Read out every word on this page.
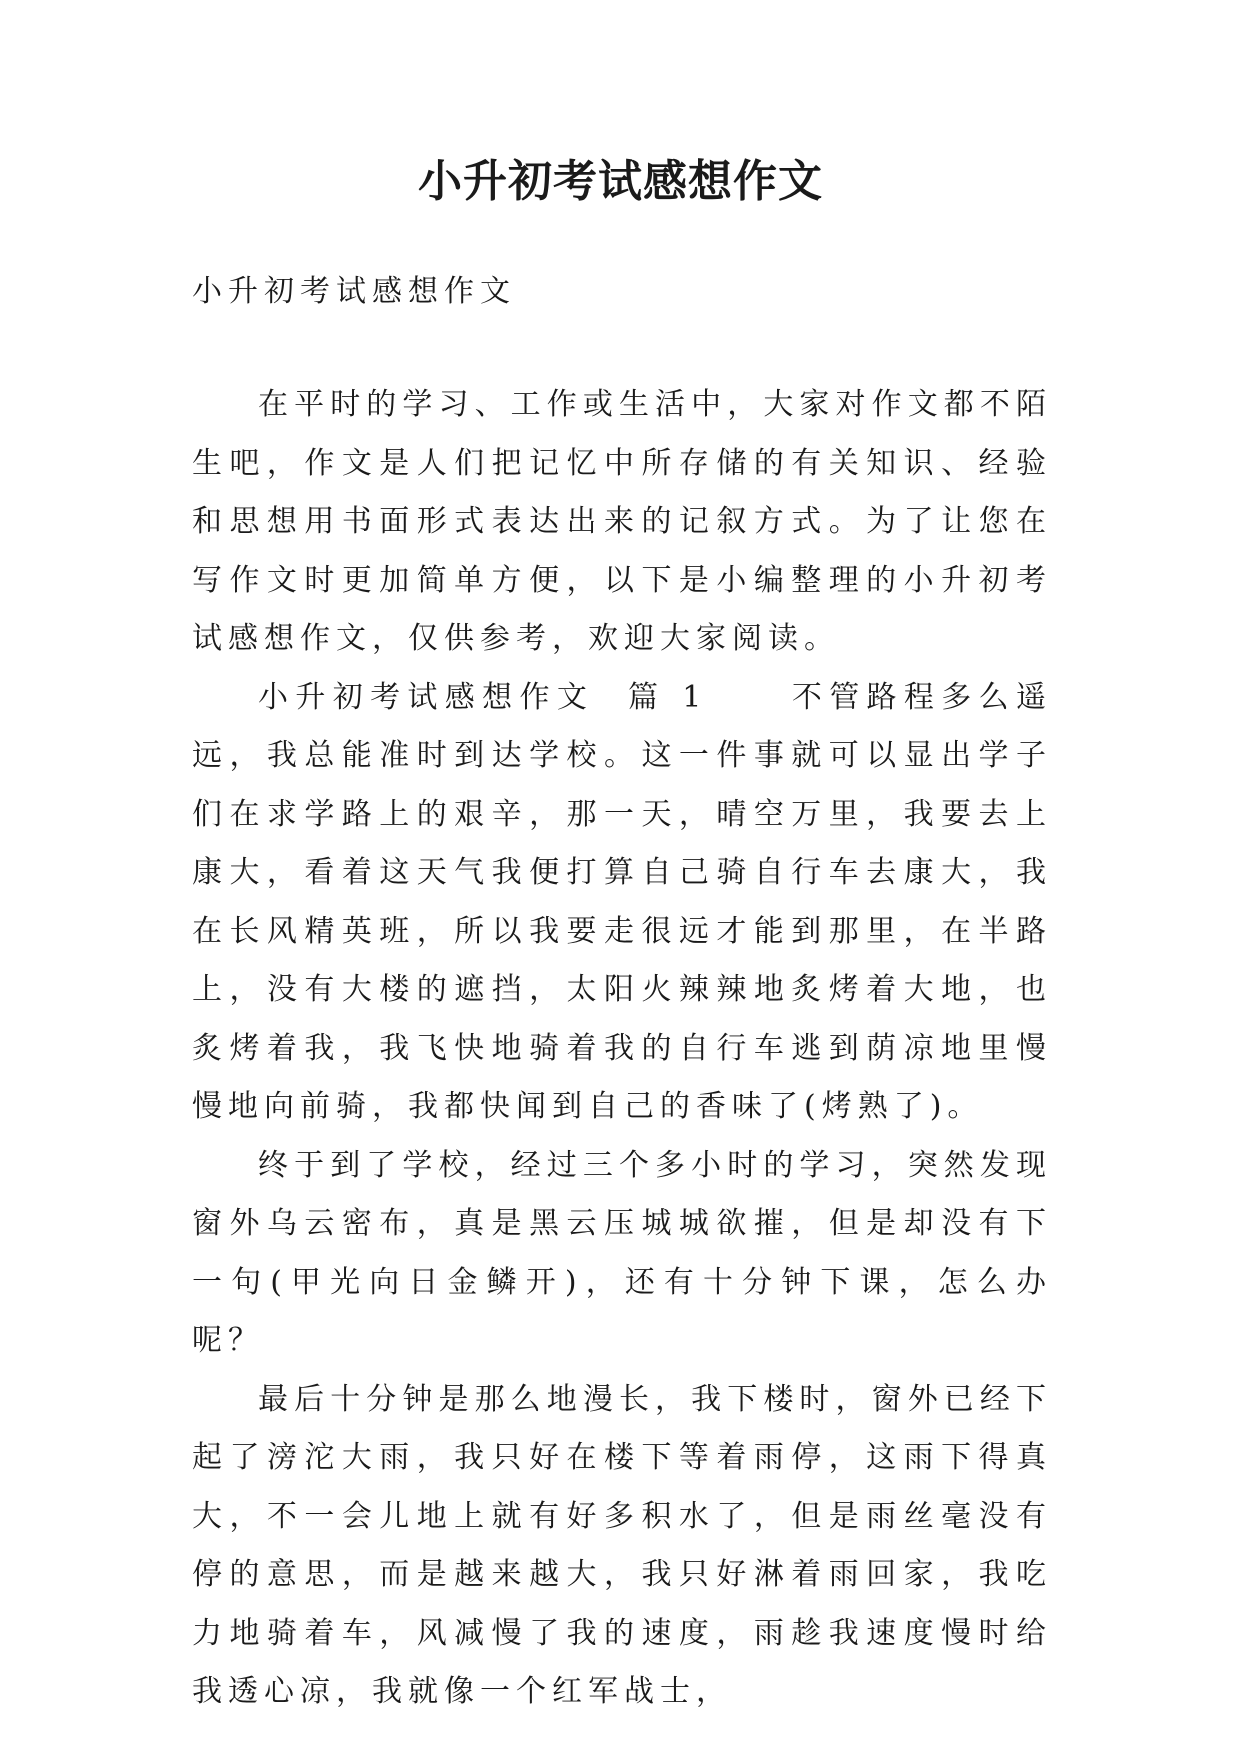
小升初考试感想作文

小升初考试感想作文

在平时的学习、工作或生活中，大家对作文都不陌生吧，作文是人们把记忆中所存储的有关知识、经验和思想用书面形式表达出来的记叙方式。为了让您在写作文时更加简单方便，以下是小编整理的小升初考试感想作文，仅供参考，欢迎大家阅读。

小升初考试感想作文  篇 1     不管路程多么遥远，我总能准时到达学校。这一件事就可以显出学子们在求学路上的艰辛，那一天，晴空万里，我要去上康大，看着这天气我便打算自己骑自行车去康大，我在长风精英班，所以我要走很远才能到那里，在半路上，没有大楼的遮挡，太阳火辣辣地炙烤着大地，也炙烤着我，我飞快地骑着我的自行车逃到荫凉地里慢慢地向前骑，我都快闻到自己的香味了(烤熟了)。

终于到了学校，经过三个多小时的学习，突然发现窗外乌云密布，真是黑云压城城欲摧，但是却没有下一句(甲光向日金鳞开)，还有十分钟下课，怎么办呢？

最后十分钟是那么地漫长，我下楼时，窗外已经下起了滂沱大雨，我只好在楼下等着雨停，这雨下得真大，不一会儿地上就有好多积水了，但是雨丝毫没有停的意思，而是越来越大，我只好淋着雨回家，我吃力地骑着车，风减慢了我的速度，雨趁我速度慢时给我透心凉，我就像一个红军战士，
